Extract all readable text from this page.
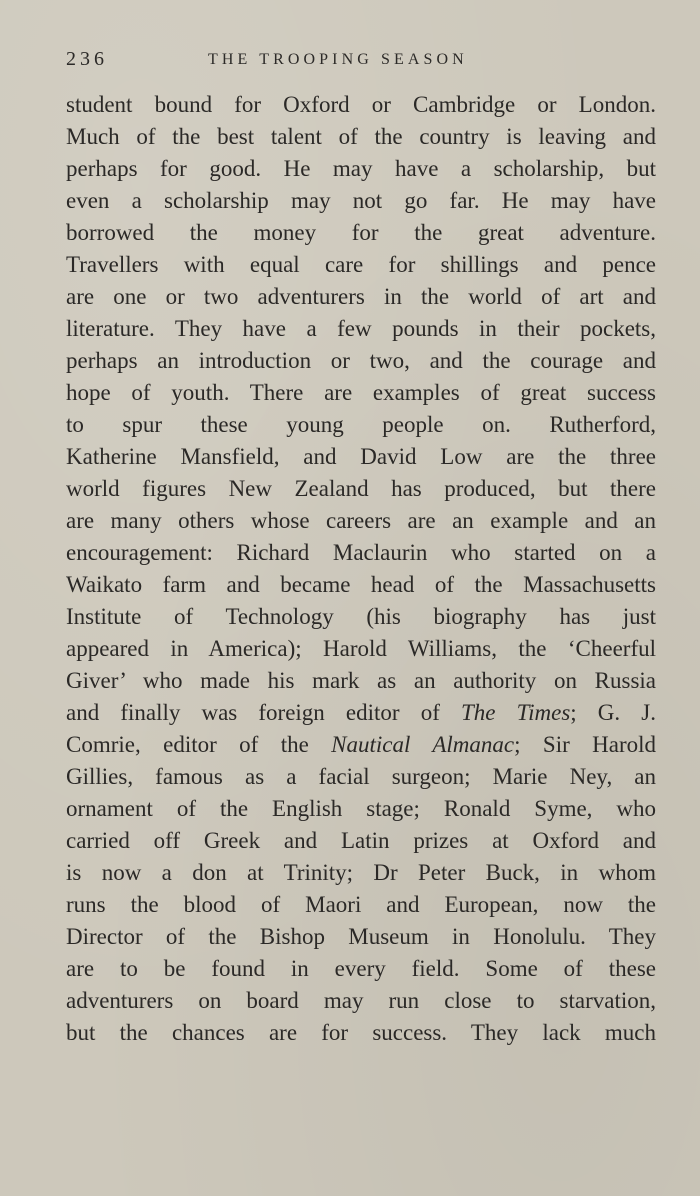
236	THE TROOPING SEASON
student bound for Oxford or Cambridge or London.
Much of the best talent of the country is leaving and
perhaps for good. He may have a scholarship, but
even a scholarship may not go far. He may have
borrowed the money for the great adventure.
Travellers with equal care for shillings and pence
are one or two adventurers in the world of art and
literature. They have a few pounds in their pockets,
perhaps an introduction or two, and the courage and
hope of youth. There are examples of great success
to spur these young people on. Rutherford,
Katherine Mansfield, and David Low are the three
world figures New Zealand has produced, but there
are many others whose careers are an example and an
encouragement: Richard Maclaurin who started on a
Waikato farm and became head of the Massachusetts
Institute of Technology (his biography has just
appeared in America); Harold Williams, the ‘Cheerful
Giver’ who made his mark as an authority on Russia
and finally was foreign editor of The Times; G. J.
Comrie, editor of the Nautical Almanac; Sir Harold
Gillies, famous as a facial surgeon; Marie Ney, an
ornament of the English stage; Ronald Syme, who
carried off Greek and Latin prizes at Oxford and
is now a don at Trinity; Dr Peter Buck, in whom
runs the blood of Maori and European, now the
Director of the Bishop Museum in Honolulu. They
are to be found in every field. Some of these
adventurers on board may run close to starvation,
but the chances are for success. They lack much
